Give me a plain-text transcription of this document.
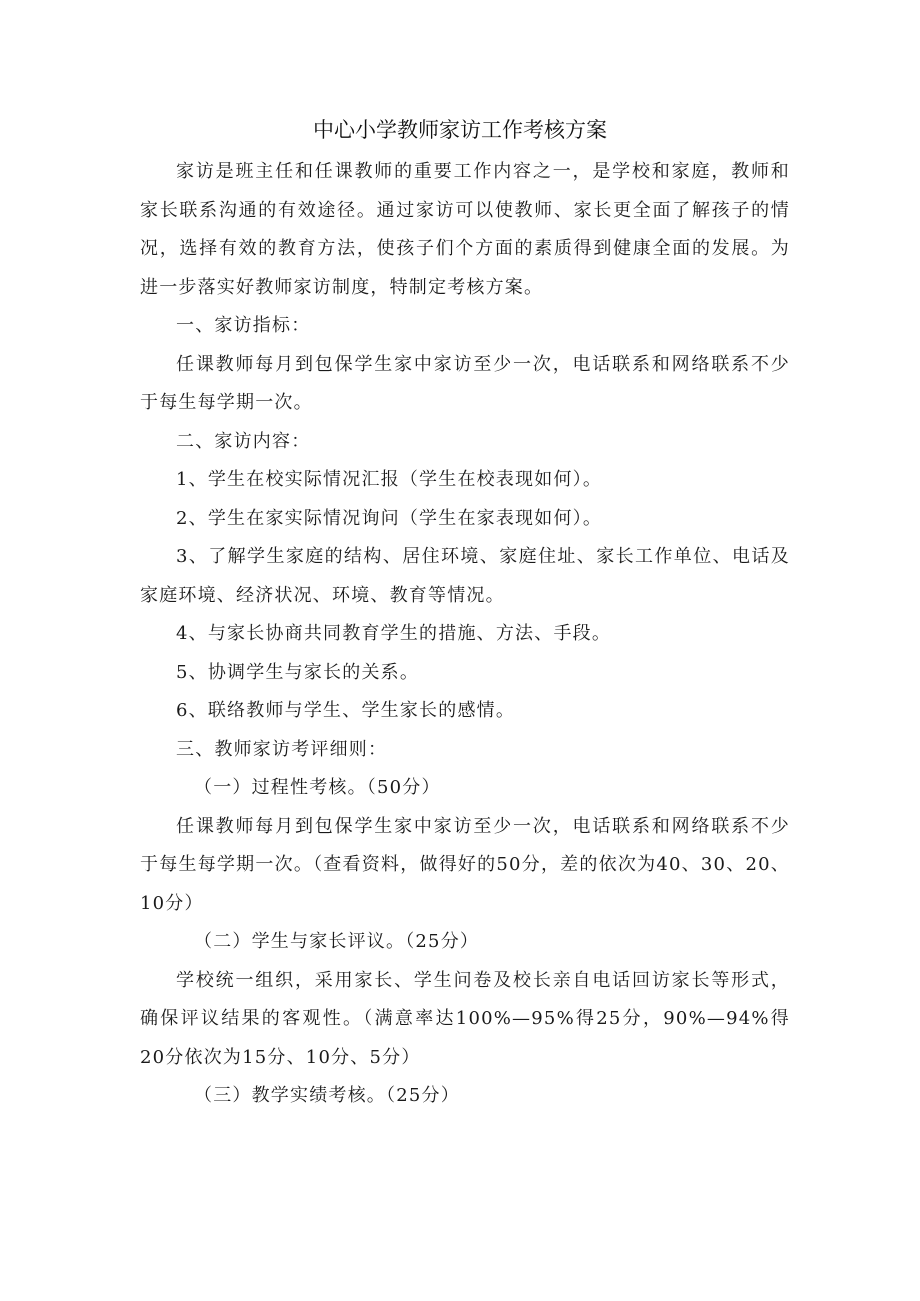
中心小学教师家访工作考核方案

家访是班主任和任课教师的重要工作内容之一，是学校和家庭，教师和家长联系沟通的有效途径。通过家访可以使教师、家长更全面了解孩子的情况，选择有效的教育方法，使孩子们个方面的素质得到健康全面的发展。为进一步落实好教师家访制度，特制定考核方案。

一、家访指标：

任课教师每月到包保学生家中家访至少一次，电话联系和网络联系不少于每生每学期一次。

二、家访内容：

1、学生在校实际情况汇报（学生在校表现如何）。

2、学生在家实际情况询问（学生在家表现如何）。

3、了解学生家庭的结构、居住环境、家庭住址、家长工作单位、电话及家庭环境、经济状况、环境、教育等情况。

4、与家长协商共同教育学生的措施、方法、手段。

5、协调学生与家长的关系。

6、联络教师与学生、学生家长的感情。

三、教师家访考评细则：

（一）过程性考核。（50分）

任课教师每月到包保学生家中家访至少一次，电话联系和网络联系不少于每生每学期一次。（查看资料，做得好的50分，差的依次为40、30、20、10分）

（二）学生与家长评议。（25分）

学校统一组织，采用家长、学生问卷及校长亲自电话回访家长等形式，确保评议结果的客观性。（满意率达100%—95%得25分，90%—94%得20分依次为15分、10分、5分）

（三）教学实绩考核。（25分）
